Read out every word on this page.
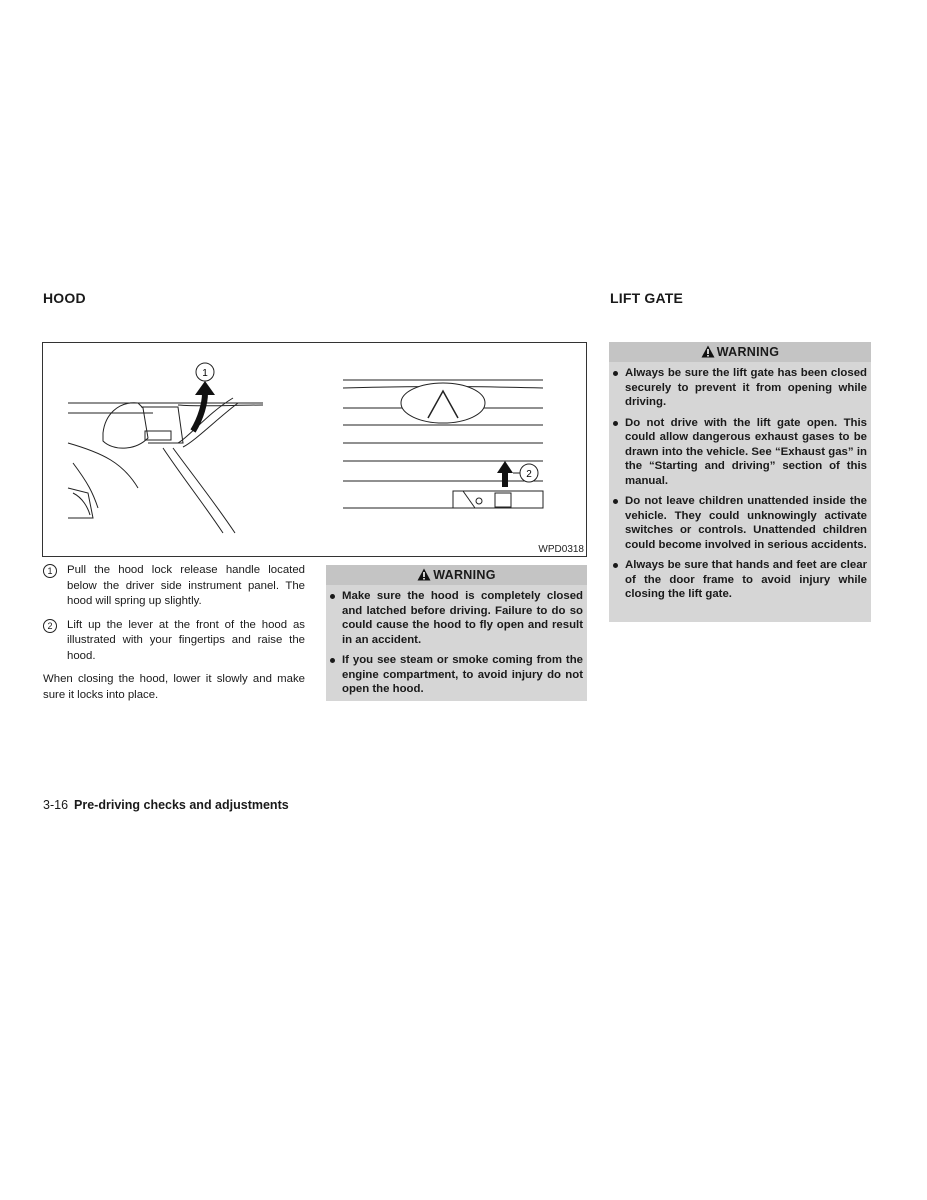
HOOD	LIFT GATE
1
2
WPD0318
1	Pull the hood lock release handle located below the driver side instrument panel. The hood will spring up slightly.
2	Lift up the lever at the front of the hood as illustrated with your fingertips and raise the hood.
When closing the hood, lower it slowly and make sure it locks into place.
WARNING
Make sure the hood is completely closed and latched before driving. Failure to do so could cause the hood to fly open and result in an accident.
If you see steam or smoke coming from the engine compartment, to avoid injury do not open the hood.
WARNING
Always be sure the lift gate has been closed securely to prevent it from opening while driving.
Do not drive with the lift gate open. This could allow dangerous exhaust gases to be drawn into the vehicle. See “Exhaust gas” in the “Starting and driving” section of this manual.
Do not leave children unattended inside the vehicle. They could unknowingly activate switches or controls. Unattended children could become involved in serious accidents.
Always be sure that hands and feet are clear of the door frame to avoid injury while closing the lift gate.
3-16 Pre-driving checks and adjustments
